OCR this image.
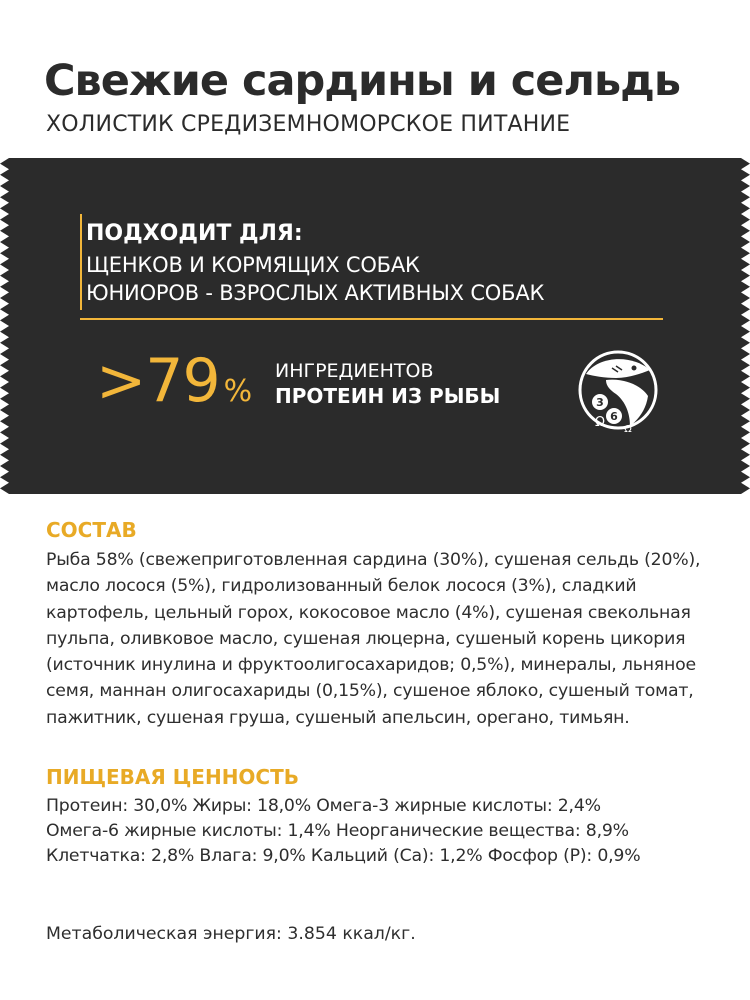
Свежие сардины и сельдь
ХОЛИСТИК СРЕДИЗЕМНОМОРСКОЕ ПИТАНИЕ
ПОДХОДИТ ДЛЯ:
ЩЕНКОВ И КОРМЯЩИХ СОБАК
ЮНИОРОВ - ВЗРОСЛЫХ АКТИВНЫХ СОБАК
>79 %
ИНГРЕДИЕНТОВ
ПРОТЕИН ИЗ РЫБЫ	3
6
Ω Ω
СОСТАВ
Рыба 58% (свежеприготовленная сардина (30%), сушеная сельдь (20%), масло лосося (5%), гидролизованный белок лосося (3%), сладкий картофель, цельный горох, кокосовое масло (4%), сушеная свекольная пульпа, оливковое масло, сушеная люцерна, сушеный корень цикория (источник инулина и фруктоолигосахаридов; 0,5%), минералы, льняное семя, маннан олигосахариды (0,15%), сушеное яблоко, сушеный томат, пажитник, сушеная груша, сушеный апельсин, орегано, тимьян.
ПИЩЕВАЯ ЦЕННОСТЬ
Протеин: 30,0% Жиры: 18,0% Омега-3 жирные кислоты: 2,4%
Омега-6 жирные кислоты: 1,4% Неорганические вещества: 8,9%
Клетчатка: 2,8% Влага: 9,0% Кальций (Ca): 1,2% Фосфор (P): 0,9%
Метаболическая энергия: 3.854 ккал/кг.
